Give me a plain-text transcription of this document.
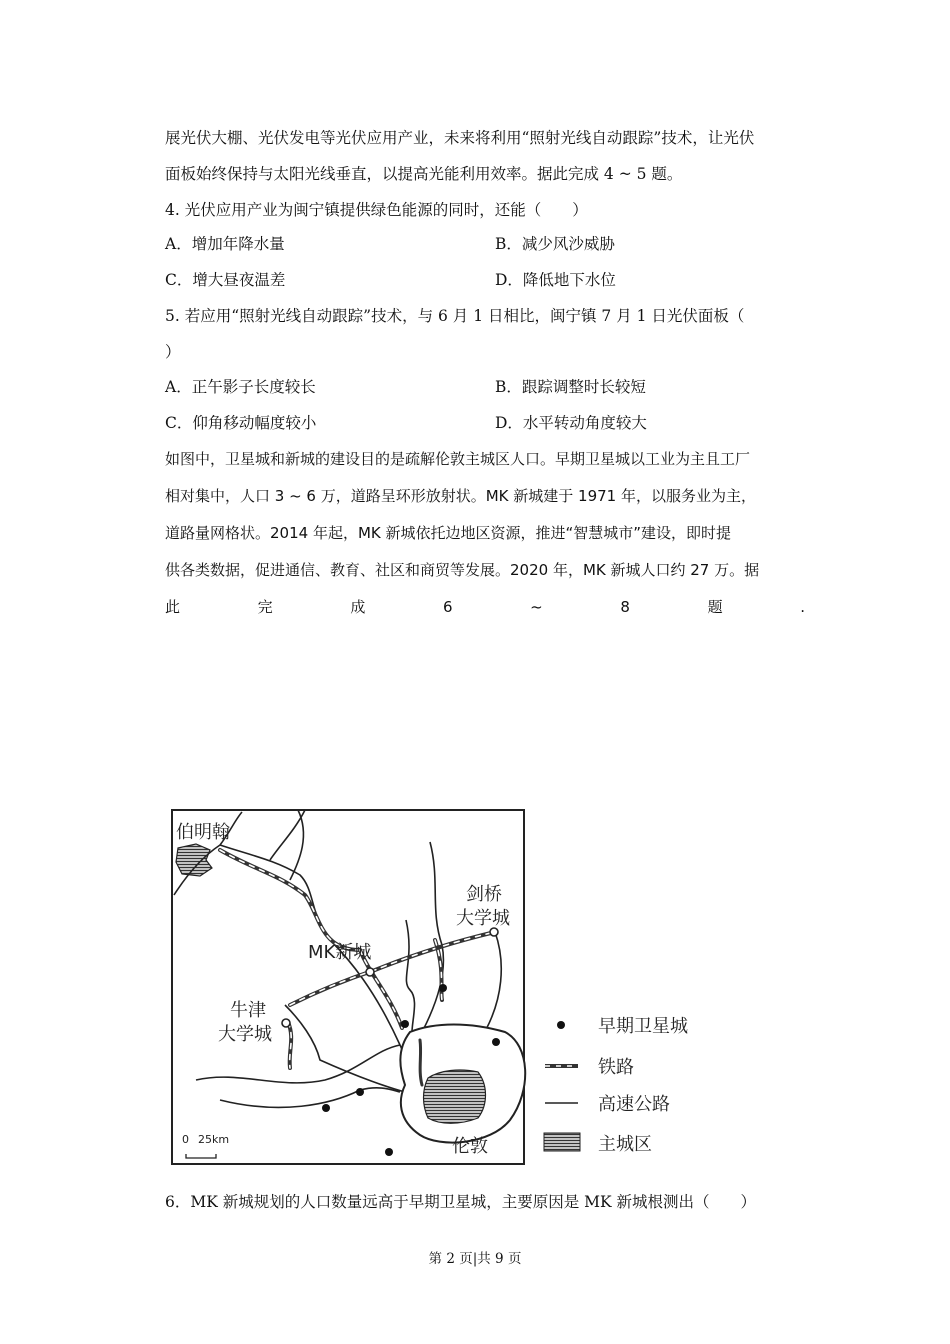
展光伏大棚、光伏发电等光伏应用产业，未来将利用“照射光线自动跟踪”技术，让光伏
面板始终保持与太阳光线垂直，以提高光能利用效率。据此完成 4 ~ 5 题。
4. 光伏应用产业为闽宁镇提供绿色能源的同时，还能（　　）
A．增加年降水量	B．减少风沙威胁
C．增大昼夜温差	D．降低地下水位
5. 若应用“照射光线自动跟踪”技术，与 6 月 1 日相比，闽宁镇 7 月 1 日光伏面板（
）
A．正午影子长度较长	B．跟踪调整时长较短
C．仰角移动幅度较小	D．水平转动角度较大
如图中，卫星城和新城的建设目的是疏解伦敦主城区人口。早期卫星城以工业为主且工厂
相对集中，人口 3 ~ 6 万，道路呈环形放射状。MK 新城建于 1971 年，以服务业为主，
道路量网格状。2014 年起，MK 新城依托边地区资源，推进“智慧城市”建设，即时提
供各类数据，促进通信、教育、社区和商贸等发展。2020 年，MK 新城人口约 27 万。据
此	完	成	6	~	8	题	.
伯明翰
剑桥
大学城
MK新城
牛津
大学城
伦敦
0 25km
早期卫星城
铁路
高速公路
主城区
6．MK 新城规划的人口数量远高于早期卫星城，主要原因是 MK 新城根测出（　　）
第 2 页|共 9 页
